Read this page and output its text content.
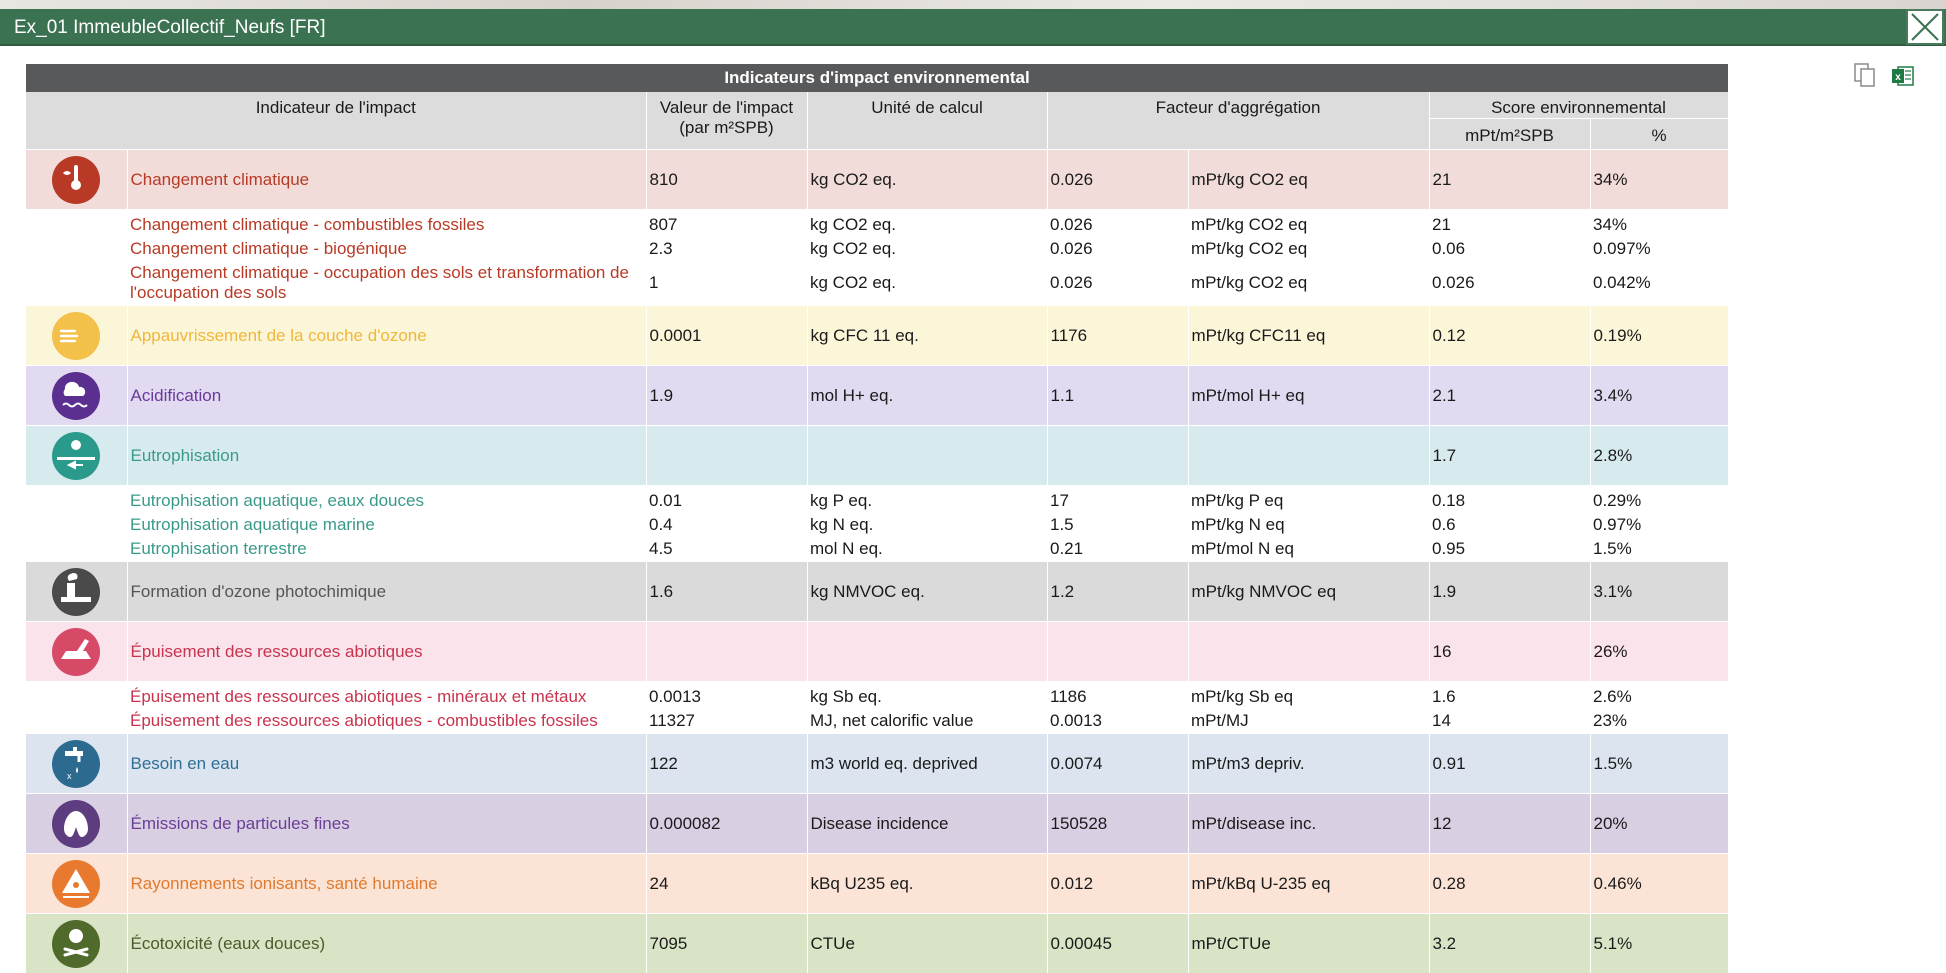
Ex_01 ImmeubleCollectif_Neufs [FR]
x
Indicateurs d'impact environnemental							
Indicateur de l'impact		Valeur de l'impact (par m²SPB)	Unité de calcul	Facteur d'aggrégation		Score environnemental	
						mPt/m²SPB	%
	Changement climatique	810	kg CO2 eq.	0.026	mPt/kg CO2 eq	21	34%
	Changement climatique - combustibles fossiles	807	kg CO2 eq.	0.026	mPt/kg CO2 eq	21	34%
	Changement climatique - biogénique	2.3	kg CO2 eq.	0.026	mPt/kg CO2 eq	0.06	0.097%
	Changement climatique - occupation des sols et transformation de l'occupation des sols	1	kg CO2 eq.	0.026	mPt/kg CO2 eq	0.026	0.042%
	Appauvrissement de la couche d'ozone	0.0001	kg CFC 11 eq.	1176	mPt/kg CFC11 eq	0.12	0.19%
	Acidification	1.9	mol H+ eq.	1.1	mPt/mol H+ eq	2.1	3.4%
	Eutrophisation					1.7	2.8%
	Eutrophisation aquatique, eaux douces	0.01	kg P eq.	17	mPt/kg P eq	0.18	0.29%
	Eutrophisation aquatique marine	0.4	kg N eq.	1.5	mPt/kg N eq	0.6	0.97%
	Eutrophisation terrestre	4.5	mol N eq.	0.21	mPt/mol N eq	0.95	1.5%
	Formation d'ozone photochimique	1.6	kg NMVOC eq.	1.2	mPt/kg NMVOC eq	1.9	3.1%
	Épuisement des ressources abiotiques					16	26%
	Épuisement des ressources abiotiques - minéraux et métaux	0.0013	kg Sb eq.	1186	mPt/kg Sb eq	1.6	2.6%
	Épuisement des ressources abiotiques - combustibles fossiles	11327	MJ, net calorific value	0.0013	mPt/MJ	14	23%

x	Besoin en eau	122	m3 world eq. deprived	0.0074	mPt/m3 depriv.	0.91	1.5%
	Émissions de particules fines	0.000082	Disease incidence	150528	mPt/disease inc.	12	20%
	Rayonnements ionisants, santé humaine	24	kBq U235 eq.	0.012	mPt/kBq U-235 eq	0.28	0.46%
	Écotoxicité (eaux douces)	7095	CTUe	0.00045	mPt/CTUe	3.2	5.1%
